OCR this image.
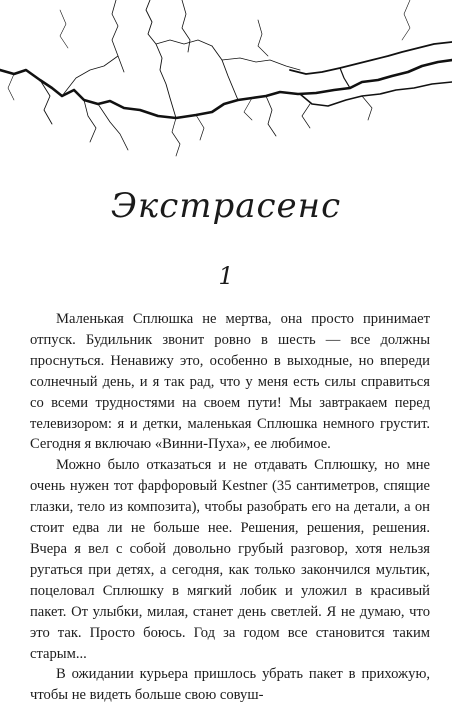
Экстрасенс
1

Маленькая Сплюшка не мертва, она просто принимает отпуск. Будильник звонит ровно в шесть — все должны проснуться. Ненавижу это, особенно в выходные, но впереди солнечный день, и я так рад, что у меня есть силы справиться со всеми трудностями на своем пути! Мы завтракаем перед телевизором: я и детки, маленькая Сплюшка немного грустит. Сегодня я включаю «Винни-Пуха», ее любимое.

Можно было отказаться и не отдавать Сплюшку, но мне очень нужен тот фарфоровый Kestner (35 сантиметров, спящие глазки, тело из композита), чтобы разобрать его на детали, а он стоит едва ли не больше нее. Решения, решения, решения. Вчера я вел с собой довольно грубый разговор, хотя нельзя ругаться при детях, а сегодня, как только закончился мультик, поцеловал Сплюшку в мягкий лобик и уложил в красивый пакет. От улыбки, милая, станет день светлей. Я не думаю, что это так. Просто боюсь. Год за годом все становится таким старым...

В ожидании курьера пришлось убрать пакет в прихожую, чтобы не видеть больше свою совуш-
